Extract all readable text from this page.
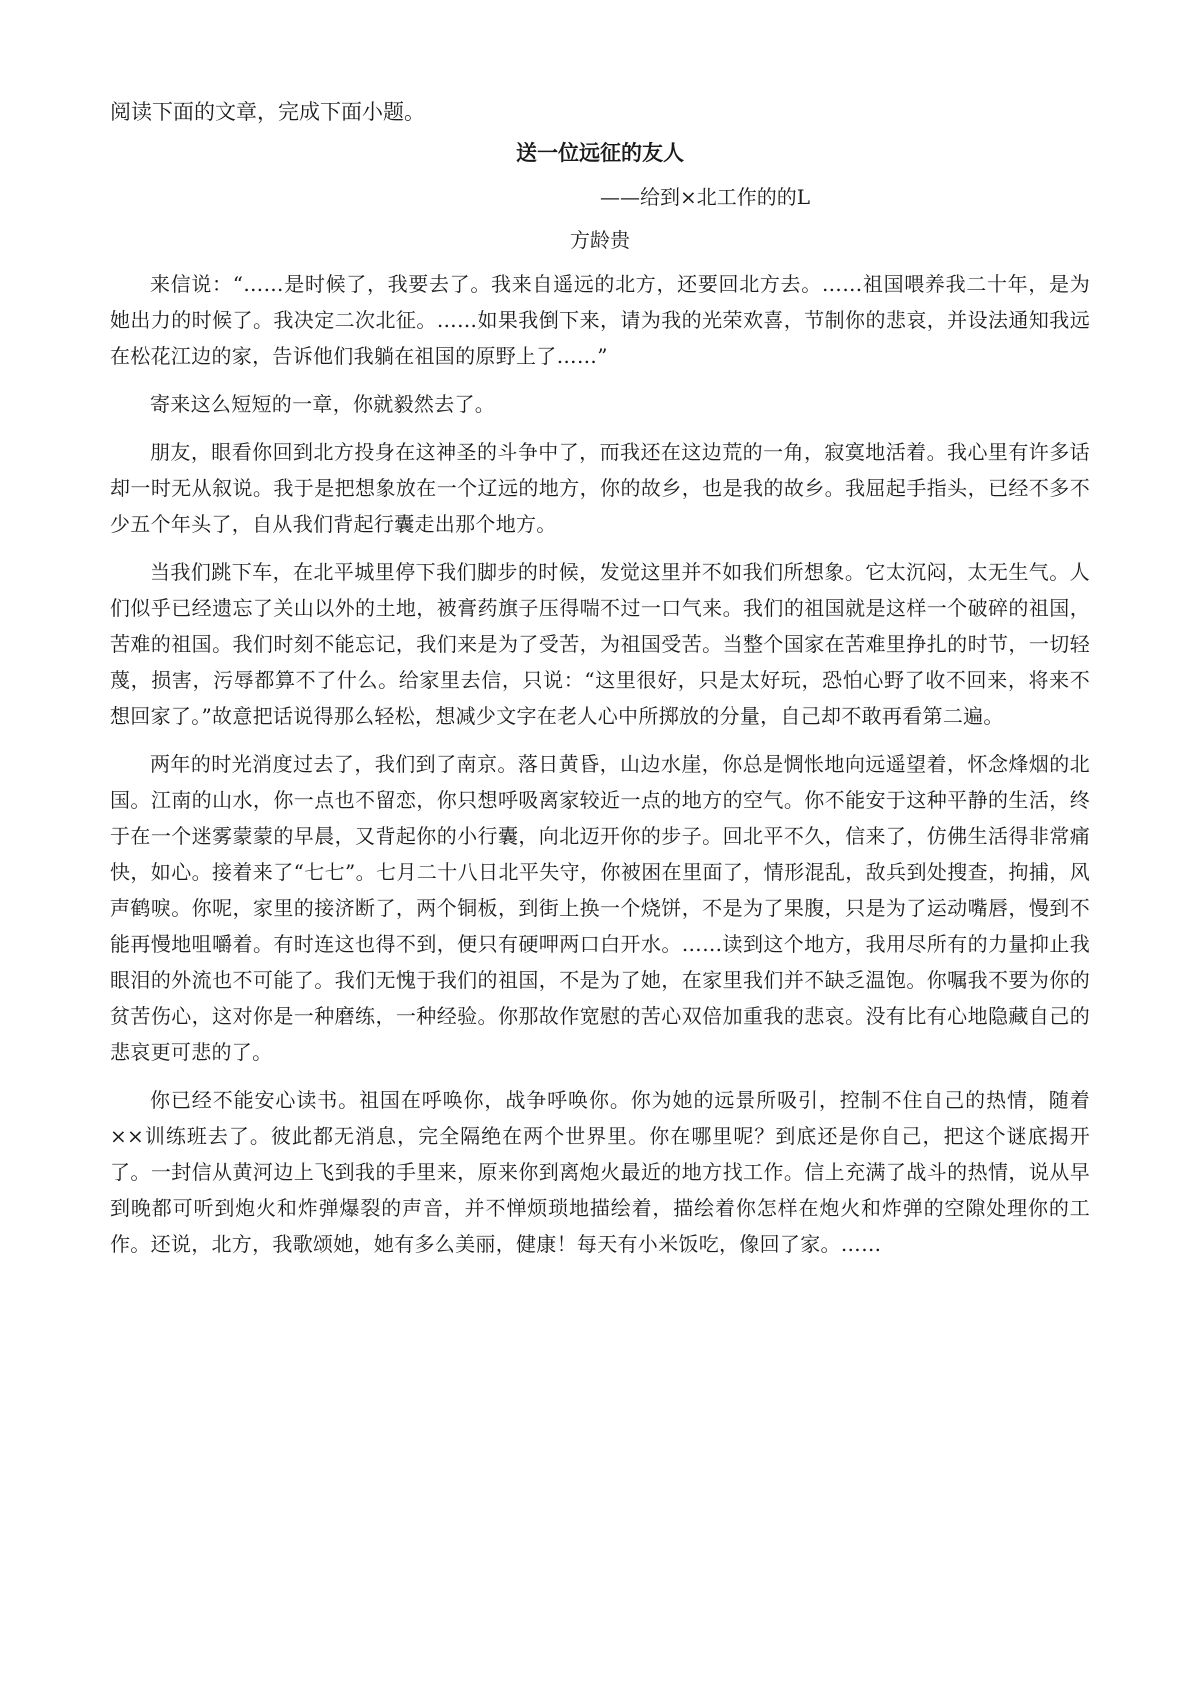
阅读下面的文章，完成下面小题。
送一位远征的友人
——给到×北工作的的L
方龄贵

来信说：“……是时候了，我要去了。我来自遥远的北方，还要回北方去。……祖国喂养我二十年，是为她出力的时候了。我决定二次北征。……如果我倒下来，请为我的光荣欢喜，节制你的悲哀，并设法通知我远在松花江边的家，告诉他们我躺在祖国的原野上了……”

寄来这么短短的一章，你就毅然去了。

朋友，眼看你回到北方投身在这神圣的斗争中了，而我还在这边荒的一角，寂寞地活着。我心里有许多话却一时无从叙说。我于是把想象放在一个辽远的地方，你的故乡，也是我的故乡。我屈起手指头，已经不多不少五个年头了，自从我们背起行囊走出那个地方。

当我们跳下车，在北平城里停下我们脚步的时候，发觉这里并不如我们所想象。它太沉闷，太无生气。人们似乎已经遗忘了关山以外的土地，被膏药旗子压得喘不过一口气来。我们的祖国就是这样一个破碎的祖国，苦难的祖国。我们时刻不能忘记，我们来是为了受苦，为祖国受苦。当整个国家在苦难里挣扎的时节，一切轻蔑，损害，污辱都算不了什么。给家里去信，只说：“这里很好，只是太好玩，恐怕心野了收不回来，将来不想回家了。”故意把话说得那么轻松，想减少文字在老人心中所掷放的分量，自己却不敢再看第二遍。

两年的时光消度过去了，我们到了南京。落日黄昏，山边水崖，你总是惆怅地向远遥望着，怀念烽烟的北国。江南的山水，你一点也不留恋，你只想呼吸离家较近一点的地方的空气。你不能安于这种平静的生活，终于在一个迷雾蒙蒙的早晨，又背起你的小行囊，向北迈开你的步子。回北平不久，信来了，仿佛生活得非常痛快，如心。接着来了“七七”。七月二十八日北平失守，你被困在里面了，情形混乱，敌兵到处搜查，拘捕，风声鹤唳。你呢，家里的接济断了，两个铜板，到街上换一个烧饼，不是为了果腹，只是为了运动嘴唇，慢到不能再慢地咀嚼着。有时连这也得不到，便只有硬呷两口白开水。……读到这个地方，我用尽所有的力量抑止我眼泪的外流也不可能了。我们无愧于我们的祖国，不是为了她，在家里我们并不缺乏温饱。你嘱我不要为你的贫苦伤心，这对你是一种磨练，一种经验。你那故作宽慰的苦心双倍加重我的悲哀。没有比有心地隐藏自己的悲哀更可悲的了。

你已经不能安心读书。祖国在呼唤你，战争呼唤你。你为她的远景所吸引，控制不住自己的热情，随着××训练班去了。彼此都无消息，完全隔绝在两个世界里。你在哪里呢？到底还是你自己，把这个谜底揭开了。一封信从黄河边上飞到我的手里来，原来你到离炮火最近的地方找工作。信上充满了战斗的热情，说从早到晚都可听到炮火和炸弹爆裂的声音，并不惮烦琐地描绘着，描绘着你怎样在炮火和炸弹的空隙处理你的工作。还说，北方，我歌颂她，她有多么美丽，健康！每天有小米饭吃，像回了家。……
